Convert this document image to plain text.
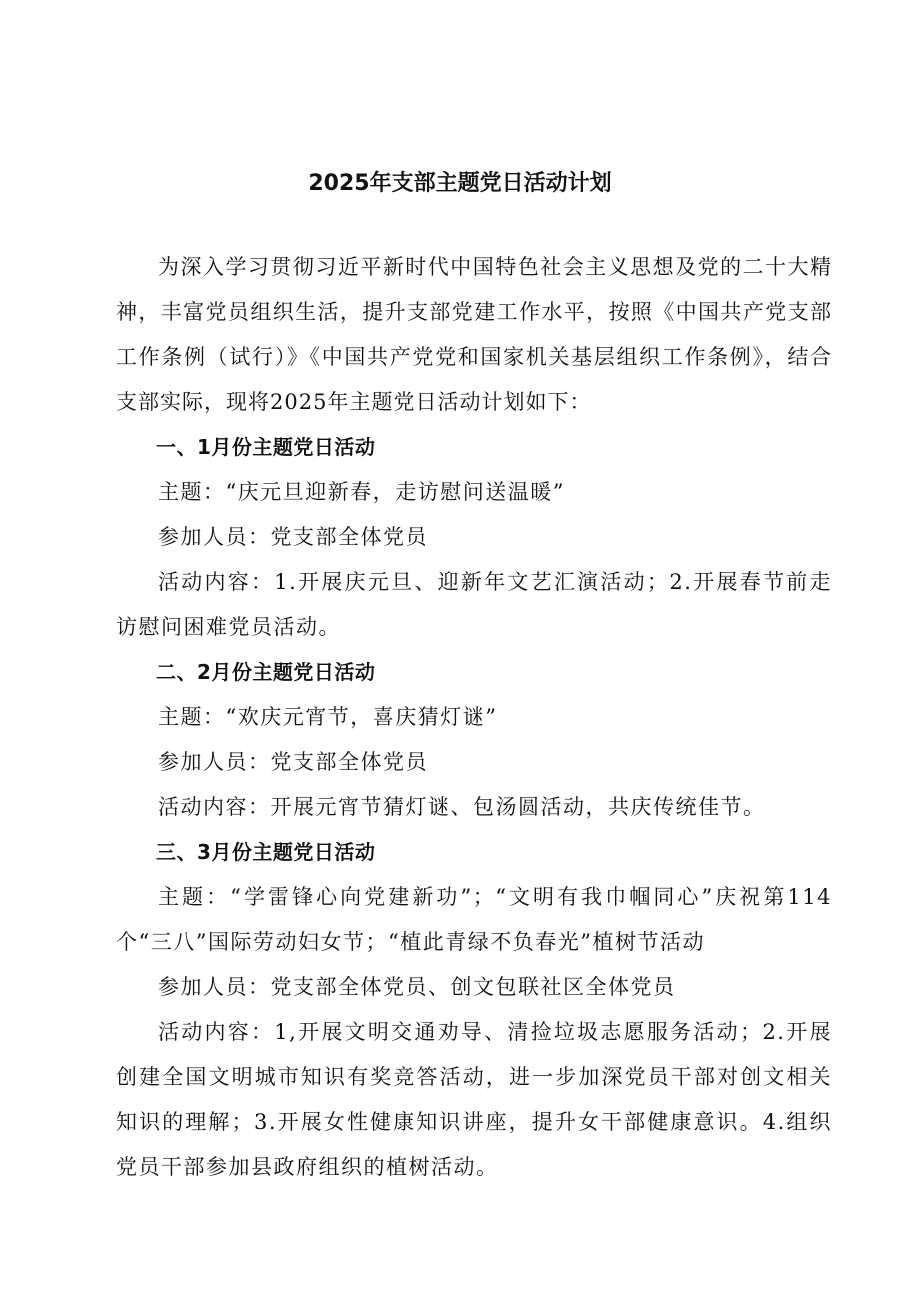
2025年支部主题党日活动计划

为深入学习贯彻习近平新时代中国特色社会主义思想及党的二十大精神，丰富党员组织生活，提升支部党建工作水平，按照《中国共产党支部工作条例（试行）》《中国共产党党和国家机关基层组织工作条例》，结合支部实际，现将2025年主题党日活动计划如下：

一、1月份主题党日活动

主题：“庆元旦迎新春，走访慰问送温暖”

参加人员：党支部全体党员

活动内容：1.开展庆元旦、迎新年文艺汇演活动；2.开展春节前走访慰问困难党员活动。

二、2月份主题党日活动

主题：“欢庆元宵节，喜庆猜灯谜”

参加人员：党支部全体党员

活动内容：开展元宵节猜灯谜、包汤圆活动，共庆传统佳节。

三、3月份主题党日活动

主题：“学雷锋心向党建新功”；“文明有我巾帼同心”庆祝第114个“三八”国际劳动妇女节；“植此青绿不负春光”植树节活动

参加人员：党支部全体党员、创文包联社区全体党员

活动内容：1,开展文明交通劝导、清捡垃圾志愿服务活动；2.开展创建全国文明城市知识有奖竞答活动，进一步加深党员干部对创文相关知识的理解；3.开展女性健康知识讲座，提升女干部健康意识。4.组织党员干部参加县政府组织的植树活动。
